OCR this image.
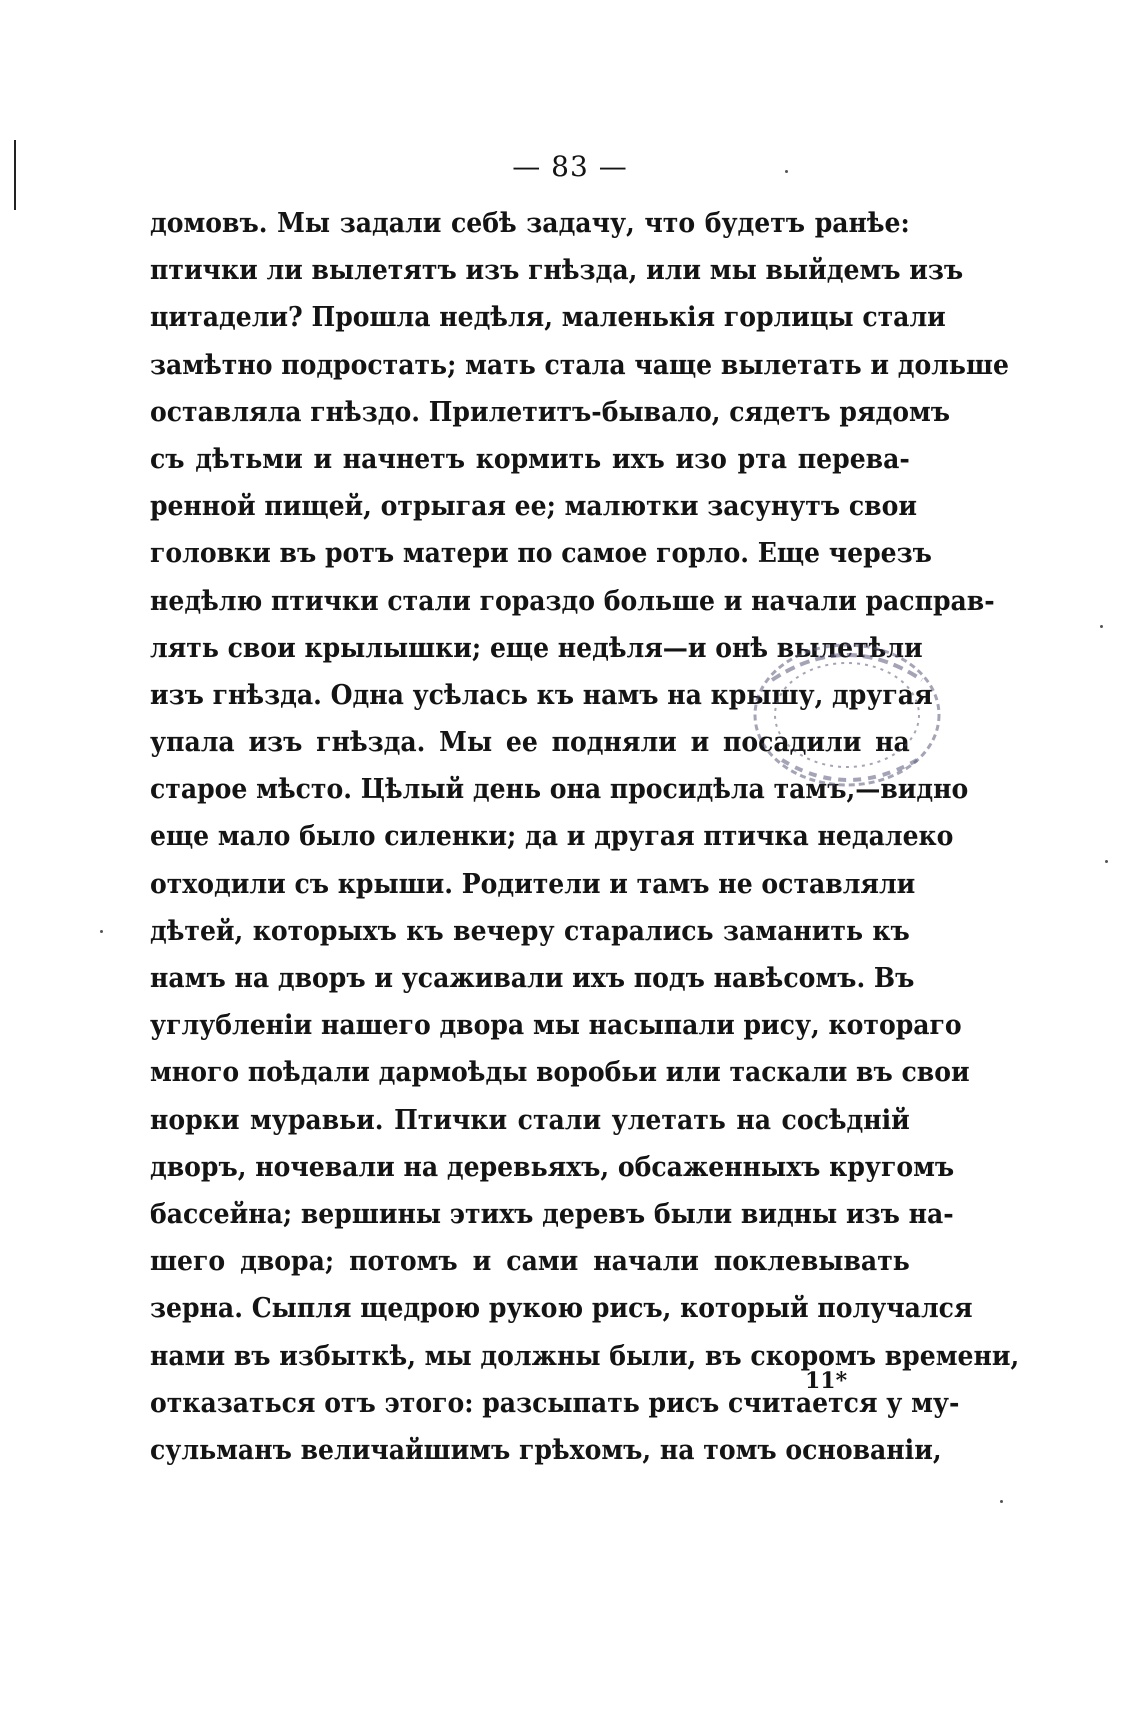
— 83 —
домовъ. Мы задали себѣ задачу, что будетъ ранѣе:
птички ли вылетятъ изъ гнѣзда, или мы выйдемъ изъ
цитадели? Прошла недѣля, маленькія горлицы стали
замѣтно подростать; мать стала чаще вылетать и дольше
оставляла гнѣздо. Прилетитъ-бывало, сядетъ рядомъ
съ дѣтьми и начнетъ кормить ихъ изо рта перева-
ренной пищей, отрыгая ее; малютки засунутъ свои
головки въ ротъ матери по самое горло. Еще черезъ
недѣлю птички стали гораздо больше и начали расправ-
лять свои крылышки; еще недѣля—и онѣ вылетѣли
изъ гнѣзда. Одна усѣлась къ намъ на крышу, другая
упала изъ гнѣзда. Мы ее подняли и посадили на
старое мѣсто. Цѣлый день она просидѣла тамъ,—видно
еще мало было силенки; да и другая птичка недалеко
отходили съ крыши. Родители и тамъ не оставляли
дѣтей, которыхъ къ вечеру старались заманить къ
намъ на дворъ и усаживали ихъ подъ навѣсомъ. Въ
углубленіи нашего двора мы насыпали рису, котораго
много поѣдали дармоѣды воробьи или таскали въ свои
норки муравьи. Птички стали улетать на сосѣдній
дворъ, ночевали на деревьяхъ, обсаженныхъ кругомъ
бассейна; вершины этихъ деревъ были видны изъ на-
шего двора; потомъ и сами начали поклевывать
зерна. Сыпля щедрою рукою рисъ, который получался
нами въ избыткѣ, мы должны были, въ скоромъ времени,
отказаться отъ этого: разсыпать рисъ считается у му-
сульманъ величайшимъ грѣхомъ, на томъ основаніи,
11*
